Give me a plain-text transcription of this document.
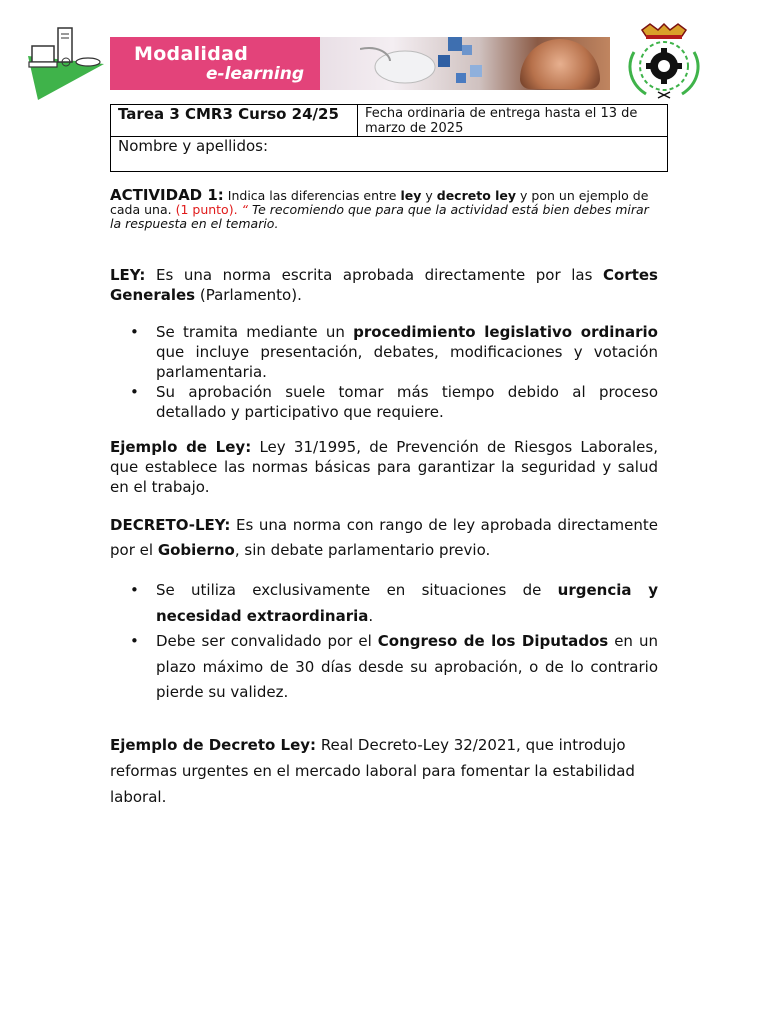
Modalidad
e-learning
Tarea 3 CMR3 Curso 24/25	Fecha ordinaria de entrega hasta el 13 de marzo de 2025
Nombre y apellidos:
ACTIVIDAD 1: Indica las diferencias entre ley y decreto ley y pon un ejemplo de cada una. (1 punto). “ Te recomiendo que para que la actividad está bien debes mirar la respuesta en el temario.
LEY: Es una norma escrita aprobada directamente por las Cortes Generales (Parlamento).
• Se tramita mediante un procedimiento legislativo ordinario que incluye presentación, debates, modificaciones y votación parlamentaria.
• Su aprobación suele tomar más tiempo debido al proceso detallado y participativo que requiere.
Ejemplo de Ley: Ley 31/1995, de Prevención de Riesgos Laborales, que establece las normas básicas para garantizar la seguridad y salud en el trabajo.
DECRETO-LEY: Es una norma con rango de ley aprobada directamente por el Gobierno, sin debate parlamentario previo.
• Se utiliza exclusivamente en situaciones de urgencia y necesidad extraordinaria.
• Debe ser convalidado por el Congreso de los Diputados en un plazo máximo de 30 días desde su aprobación, o de lo contrario pierde su validez.
Ejemplo de Decreto Ley: Real Decreto-Ley 32/2021, que introdujo reformas urgentes en el mercado laboral para fomentar la estabilidad laboral.
